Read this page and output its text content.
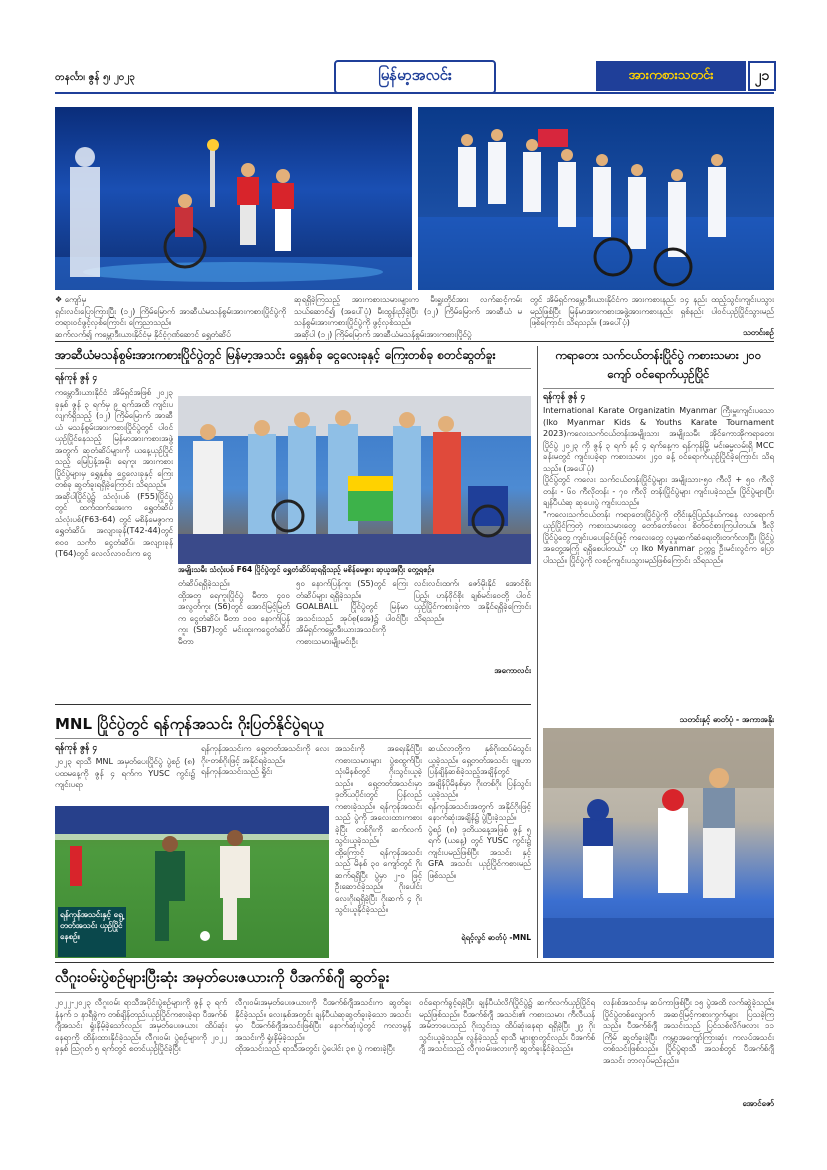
တနင်္လာ၊ ဇွန် ၅၊ ၂၀၂၃	မြန်မာ့အလင်း	အားကစားသတင်း	၂၁
❖ ကျော်မှ
ရှင်းလင်းပြောကြားပြီး (၁၂) ကြိမ်မြောက် အာဆီယံမသန်စွမ်းအားကစားပြိုင်ပွဲကို တရားဝင်ဖွင့်လှစ်ကြောင်း ကြေညာသည်။
ဆက်လက်၍ ကမ္ဘောဒီးယားနိုင်ငံမှ နိုင်ငံ့ဂုဏ်ဆောင် ရွှေတံဆိပ်
ဆုရရှိခဲ့ကြသည့် အားကစားသမားများက မီးရှူးတိုင်အား လက်ဆင့်ကမ်းသယ်ဆောင်၍ (အပေါ်ပုံ) မီးထွန်းညှိခဲ့ပြီး (၁၂) ကြိမ်မြောက် အာဆီယံ မသန်စွမ်းအားကစားပြိုင်ပွဲကို ဖွင့်လှစ်သည်။
အဆိုပါ (၁၂) ကြိမ်မြောက် အာဆီယံမသန်စွမ်းအားကစားပြိုင်ပွဲ
တွင် အိမ်ရှင်ကမ္ဘောဒီးယားနိုင်ငံက အားကစားနည်း ၁၄ နည်း ထည့်သွင်းကျင်းပသွားမည်ဖြစ်ပြီး မြန်မာအားကစားအဖွဲ့အားကစားနည်း ရှစ်နည်း ပါဝင်ယှဉ်ပြိုင်သွားမည်ဖြစ်ကြောင်း သိရသည်။ (အပေါ်ပုံ)
သတင်းစဉ်
အာဆီယံမသန်စွမ်းအားကစားပြိုင်ပွဲတွင် မြန်မာ့အသင်း ရွှေနှစ်ခု ငွေလေးခုနှင့် ကြေးတစ်ခု စတင်ဆွတ်ခူး
ရန်ကုန် ဇွန် ၄
ကမ္ဘောဒီးယားနိုင်ငံ အိမ်ရှင်အဖြစ် ၂၀၂၃ ခုနှစ် ဇွန် ၃ ရက်မှ ၉ ရက်အထိ ကျင်းပလျက်ရှိသည့် (၁၂) ကြိမ်မြောက် အာဆီယံ မသန်စွမ်းအားကစားပြိုင်ပွဲတွင် ပါဝင်ယှဉ်ပြိုင်နေသည့် မြန်မာအားကစားအဖွဲ့အတွက် ဆုတံဆိပ်များကို ယနေ့ယှဉ်ပြိုင်သည့် မြေပြန့်အမိုး ရေကူး အားကစားပြိုင်ပွဲများမှ ရွှေနှစ်ခု ငွေလေးခုနှင့် ကြေးတစ်ခု ဆွတ်ခူးရရှိခဲ့ကြောင်း သိရသည်။
အဆိုပါပြိုင်ပွဲ၌ သံလုံးပစ် (F55)ပြိုင်ပွဲတွင် ထက်ထက်အေးက ရွှေတံဆိပ် သံလုံးပစ်(F63-64) တွင် မစိန်မေဇွာက ရွှေတံဆိပ်၊ အလျားခုန်(T42-44)တွင် ၈၀၀ သင်္ကာ ငွေတံဆိပ်၊ အလျားခုန် (T64)တွင် လေလ်လာဝင်းက ငွေ
အမျိုးသမီး သံလုံးပစ် F64 ပြိုင်ပွဲတွင် ရွှေတံဆိပ်ဆုရရှိသည့် မစိန်မေဇွား ဆုယူအပြီး တွေ့ရစဉ်။
တံဆိပ်ရရှိခဲ့သည်။
ထို့အတူ ရေကူးပြိုင်ပွဲ မီတာ ၄၀၀ အလွတ်ကူး (S6)တွင် အောင်မြင့်မြတ်က ငွေတံဆိပ်၊ မီတာ ၁၀၀ နောက်ပြန်ကူး (SB7)တွင် မင်းထူးကငွေတံဆိပ် မီတာ
၅၀ နောက်ပြန်ကူး (S5)တွင် ကြေးတံဆိပ်များ ရရှိခဲ့သည်။
GOALBALL ပြိုင်ပွဲတွင် မြန်မာအသင်းသည် အုပ်စု(အေ)၌ ပါဝင်ပြီး အိမ်ရှင်ကမ္ဘောဒီးယားအသင်းကို ကစားသမားမျိုးမင်းဦး
လင်းလင်းထက်၊ ဇော်မိုးနိုင် အောင်စိုးပြည့်၊ ဟန်ဝိုင်စိုး ချစ်မင်းဝေတို့ ပါဝင်ယှဉ်ပြိုင်ကစားခဲ့ကာ အနိုင်ရရှိခဲ့ကြောင်း သိရသည်။
အကောလင်း
ကရာတေး သက်ငယ်တန်းပြိုင်ပွဲ ကစားသမား ၂၀၀ ကျော် ဝင်ရောက်ယှဉ်ပြိုင်
ရန်ကုန် ဇွန် ၄
International Karate Organizatin Myanmar ကြီးမှူးကျင်းပသော (Iko Myanmar Kids & Youths Karate Tournament 2023)ကလေးသက်ငယ်တန်းအမျိုးသား အမျိုးသမီး အိုင်ကောအိုကရာတေးပြိုင်ပွဲ ၂၀၂၃ ကို ဇွန် ၃ ရက် နှင့် ၄ ရက်နေ့က ရန်ကုန်မြို့ မင်းဓမ္မလမ်းရှိ MCC ခန်းမတွင် ကျင်းပခဲ့ရာ ကစားသမား ၂၄၀ ခန့် ဝင်ရောက်ယှဉ်ပြိုင်ခဲ့ကြောင်း သိရသည်။ (အပေါ်ပုံ)
ပြိုင်ပွဲတွင် ကလေး သက်ငယ်တန်းပြိုင်ပွဲများ အမျိုးသား-၅၀ ကီလို + ၅၀ ကီလိုတန်း - ၆၀ ကီလိုတန်း - ၇၀ ကီလို တန်းပြိုင်ပွဲများ ကျင်းပခဲ့သည်။ ပြိုင်ပွဲများပြီး ချန်ပီယံဆု ဆုပေးပွဲ ကျင်းပသည်။
"ကလေးသက်ငယ်တန်း ကရာတေးပြိုင်ပွဲကို တိုင်းနှင့်ပြည်နယ်ကနေ လာရောက်ယှဉ်ပြိုင်ကြတဲ့ ကစားသမားတွေ တော်တော်လေး စိတ်ဝင်စားကြပါတယ်။ ဒီလိုပြိုင်ပွဲတွေ ကျင်းပပေးခြင်းဖြင့် ကလေးတွေ လူမှုဆက်ဆံရေးတိုးတက်လာပြီး ပြိုင်ပွဲအတွေ့အကြုံ ရရှိစေပါတယ်" ဟု Iko Myanmar ဥက္ကဋ္ဌ ဦးမင်းလွင်က ပြောပါသည်။ ပြိုင်ပွဲကို လစဉ်ကျင်းပသွားမည်ဖြစ်ကြောင်း သိရသည်။
သတင်းနှင့် ဓာတ်ပုံ - အကာအနိုး
MNL ပြိုင်ပွဲတွင် ရန်ကုန်အသင်း ဂိုးပြတ်နိုင်ပွဲရယူ
ရန်ကုန် ဇွန် ၄
၂၀၂၃ ရာသီ MNL အမှတ်ပေးပြိုင်ပွဲ ပွဲစဉ် (၈) ပထမနေ့ကို ဇွန် ၄ ရက်က YUSC ကွင်း၌ ကျင်းပရာ
ရန်ကုန်အသင်းက ရှေ့တတ်အသင်းကို လေးဂိုး-တစ်ဂိုးဖြင့် အနိုင်ရခဲ့သည်။
ရန်ကုန်အသင်းသည် ရှိုင်း
ရန်ကုန်အသင်းနှင့် ရှေ့တတ်အသင်း ယှဉ်ပြိုင်နေစဉ်။
အသင်းကို အရေးနိုင်ပြီး ကစားသမားများ ပွဲစထွက်ပြီး သုံးမိနစ်တွင် ဂိုးသွင်းယူခဲ့သည်။ ရှေ့တတ်အသင်းမှာ ဒုတိယပိုင်းတွင် ပြန်လည်ကစားခဲ့သည်။ ရန်ကုန်အသင်းသည် ပွဲကို အလေးထားကစားခဲ့ပြီး တစ်ဂိုးကို ဆက်လက်သွင်းယူခဲ့သည်။
ထို့ကြောင့် ရန်ကုန်အသင်းသည် မိနစ် ၃၀ ကျော်တွင် ဂိုးဆက်ရရှိပြီး ပွဲမှာ ၂-၀ ဖြင့် ဦးဆောင်ခဲ့သည်။ ဂိုးပေါင်း လေးဂိုးရရှိခဲ့ပြီး ဂိုးဆက် ၄ ဂိုး သွင်းယူနိုင်ခဲ့သည်။
ဆယ်လာတို့က နှစ်ဂိုးထပ်မံသွင်းယူခဲ့သည်။ ရှေ့တတ်အသင်း ဗျူဟာပြန်ချိန်ဆစ်ခဲ့သည့်အချိန်တွင် အချိန်ပိုမိနစ်မှာ ဂိုးတစ်ဂိုး ပြန်သွင်းယူခဲ့သည်။
ရန်ကုန်အသင်းအတွက် အနိုင်ဂိုးဖြင့် နောက်ဆုံးအချိန်၌ ပွဲပြီးခဲ့သည်။
ပွဲစဉ် (၈) ဒုတိယနေ့အဖြစ် ဇွန် ၅ ရက် (ယနေ့) တွင် YUSC ကွင်း၌ ကျင်းပမည်ဖြစ်ပြီး အသင်း နှင့် GFA အသင်း ယှဉ်ပြိုင်ကစားမည်ဖြစ်သည်။
ရဲရင့်လွင် ဓာတ်ပုံ -MNL
လီဂူးဝမ်းပွဲစဉ်များပြီးဆုံး အမှတ်ပေးဇယားကို ပီအက်စ်ဂျီ ဆွတ်ခူး
၂၀၂၂-၂၀၂၃ လီဂူးဝမ်း ရာသီအပိုင်းပွဲစဉ်များကို ဇွန် ၃ ရက် နံနက် ၁ နာရီခွဲက တစ်ချိန်တည်းယှဉ်ပြိုင်ကစားခဲ့ရာ ပီအက်စ်ဂျီအသင်း ရှုံးနိမ့်ခဲ့သော်လည်း အမှတ်ပေးဇယား ထိပ်ဆုံးနေရာကို ထိန်းထားနိုင်ခဲ့သည်။ လီဂူးဝမ်း ပွဲစဉ်များကို ၂၀၂၂ ခုနှစ် ဩဂုတ် ၅ ရက်တွင် စတင်ယှဉ်ပြိုင်ခဲ့ပြီး
လီဂူးဝမ်းအမှတ်ပေးဇယားကို ပီအက်စ်ဂျီအသင်းက ဆွတ်ခူးနိုင်ခဲ့သည်။ လေးနှစ်အတွင်း ချန်ပီယံဆုဆွတ်ခူးခဲ့သော အသင်းမှာ ပီအက်စ်ဂျီအသင်းဖြစ်ပြီး နောက်ဆုံးပွဲတွင် ကလာမွန်အသင်းကို ရှုံးနိမ့်ခဲ့သည်။
ထိုအသင်းသည် ရာသီအတွင်း ပွဲပေါင်း ၃၈ ပွဲ ကစားခဲ့ပြီး
ဝင်ရောက်ခွင့်ရခဲ့ပြီး ချန်ပီယံလိဂ်ပြိုင်ပွဲ၌ ဆက်လက်ယှဉ်ပြိုင်ရမည်ဖြစ်သည်။ ပီအက်စ်ဂျီ အသင်း၏ ကစားသမား ကီလီယန် အမ်ဘာပေသည် ဂိုးသွင်းသူ ထိပ်ဆုံးနေရာ ရရှိခဲ့ပြီး ၂၉ ဂိုး သွင်းယူခဲ့သည်။ လွန်ခဲ့သည့် ရာသီ များစွာတွင်လည်း ပီအက်စ်ဂျီ အသင်းသည် လီဂူးဝမ်းဖလားကို ဆွတ်ခူးနိုင်ခဲ့သည်။
လန်းစ်အသင်းမှ ဆပ်ကာဖြစ်ပြီး ၁၅ ပွဲအထိ လက်ဆွဲခဲ့သည်။ ပြိုင်ပွဲတစ်လျှောက် အဆင့်မြင့်ကစားကွက်များ ပြသခဲ့ကြသည်။ ပီအက်စ်ဂျီ အသင်းသည် ပြင်သစ်လိဂ်ဖလား ၁၁ ကြိမ် ဆွတ်ခူးခဲ့ပြီး ကမ္ဘာ့အကျော်ကြားဆုံး ကလပ်အသင်းတစ်သင်းဖြစ်သည်။ ပြိုင်ပွဲရာသီ အသစ်တွင် ပီအက်စ်ဂျီ အသင်း ဘာလုပ်မည်နည်း။
အောင်ဇော်
